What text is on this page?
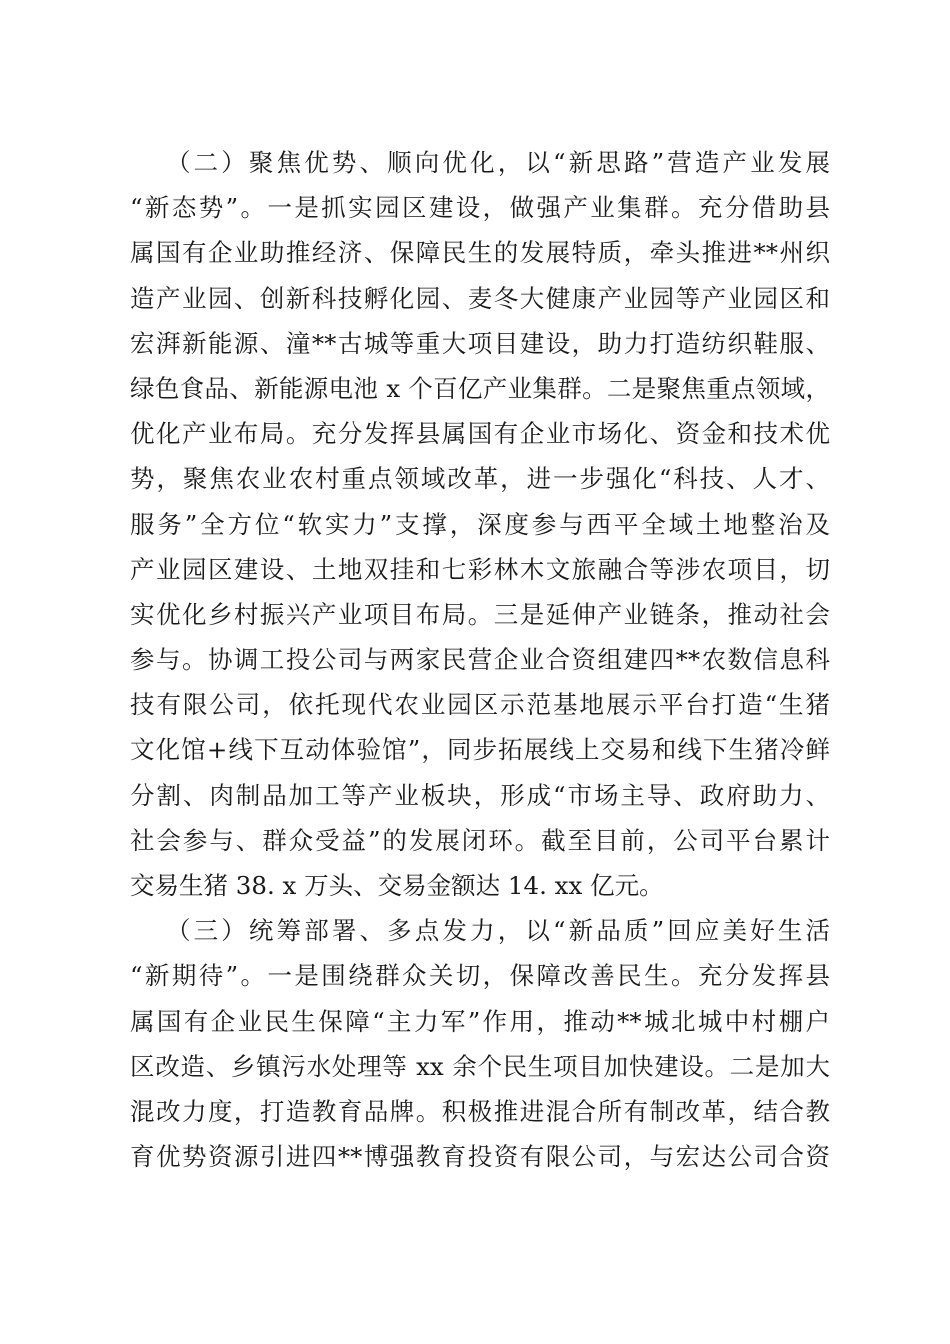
（二）聚焦优势、顺向优化，以“新思路”营造产业发展
“新态势”。一是抓实园区建设，做强产业集群。充分借助县
属国有企业助推经济、保障民生的发展特质，牵头推进**州织
造产业园、创新科技孵化园、麦冬大健康产业园等产业园区和
宏湃新能源、潼**古城等重大项目建设，助力打造纺织鞋服、
绿色食品、新能源电池 x 个百亿产业集群。二是聚焦重点领域，
优化产业布局。充分发挥县属国有企业市场化、资金和技术优
势，聚焦农业农村重点领域改革，进一步强化“科技、人才、
服务”全方位“软实力”支撑，深度参与西平全域土地整治及
产业园区建设、土地双挂和七彩林木文旅融合等涉农项目，切
实优化乡村振兴产业项目布局。三是延伸产业链条，推动社会
参与。协调工投公司与两家民营企业合资组建四**农数信息科
技有限公司，依托现代农业园区示范基地展示平台打造“生猪
文化馆+线下互动体验馆”，同步拓展线上交易和线下生猪冷鲜
分割、肉制品加工等产业板块，形成“市场主导、政府助力、
社会参与、群众受益”的发展闭环。截至目前，公司平台累计
交易生猪 38. x 万头、交易金额达 14. xx 亿元。
（三）统筹部署、多点发力，以“新品质”回应美好生活
“新期待”。一是围绕群众关切，保障改善民生。充分发挥县
属国有企业民生保障“主力军”作用，推动**城北城中村棚户
区改造、乡镇污水处理等 xx 余个民生项目加快建设。二是加大
混改力度，打造教育品牌。积极推进混合所有制改革，结合教
育优势资源引进四**博强教育投资有限公司，与宏达公司合资
